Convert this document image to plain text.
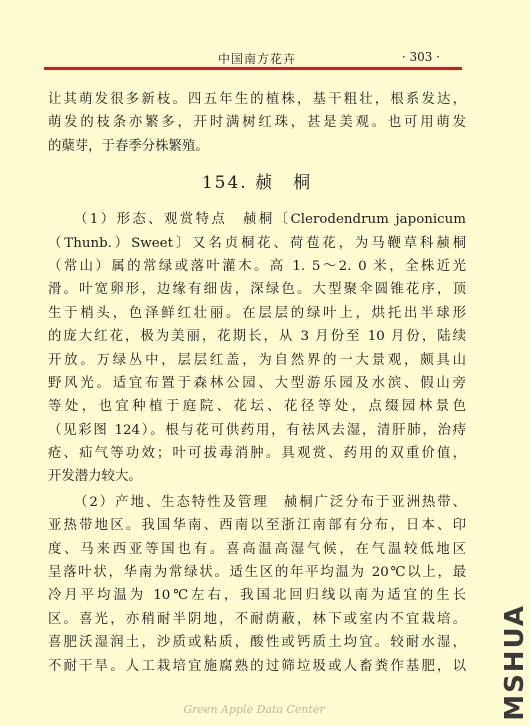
中国南方花卉	· 303 ·
让其萌发很多新枝。四五年生的植株，基干粗壮，根系发达，
萌发的枝条亦繁多，开时满树红珠，甚是美观。也可用萌发
的蘖芽，于春季分株繁殖。
154. 赪　桐
（1）形态、观赏特点　赪桐〔Clerodendrum japonicum
（Thunb.）Sweet〕又名贞桐花、荷苞花，为马鞭草科赪桐
（常山）属的常绿或落叶灌木。高 1. 5～2. 0 米，全株近光
滑。叶宽卵形，边缘有细齿，深绿色。大型聚伞圆锥花序，顶
生于梢头，色泽鲜红壮丽。在层层的绿叶上，烘托出半球形
的庞大红花，极为美丽，花期长，从 3 月份至 10 月份，陆续
开放。万绿丛中，层层红盖，为自然界的一大景观，颇具山
野风光。适宜布置于森林公园、大型游乐园及水滨、假山旁
等处，也宜种植于庭院、花坛、花径等处，点缀园林景色
（见彩图 124）。根与花可供药用，有祛风去湿，清肝肺，治痔
疮、疝气等功效；叶可拔毒消肿。具观赏、药用的双重价值，
开发潜力较大。
（2）产地、生态特性及管理　赪桐广泛分布于亚洲热带、
亚热带地区。我国华南、西南以至浙江南部有分布，日本、印
度、马来西亚等国也有。喜高温高湿气候，在气温较低地区
呈落叶状，华南为常绿状。适生区的年平均温为 20℃以上，最
冷月平均温为 10℃左右，我国北回归线以南为适宜的生长
区。喜光，亦稍耐半阴地，不耐荫蔽，林下或室内不宜栽培。
喜肥沃湿润土，沙质或粘质，酸性或钙质土均宜。较耐水湿，
不耐干旱。人工栽培宜施腐熟的过筛垃圾或人畜粪作基肥，以 MSHUA
Green Apple Data Center
